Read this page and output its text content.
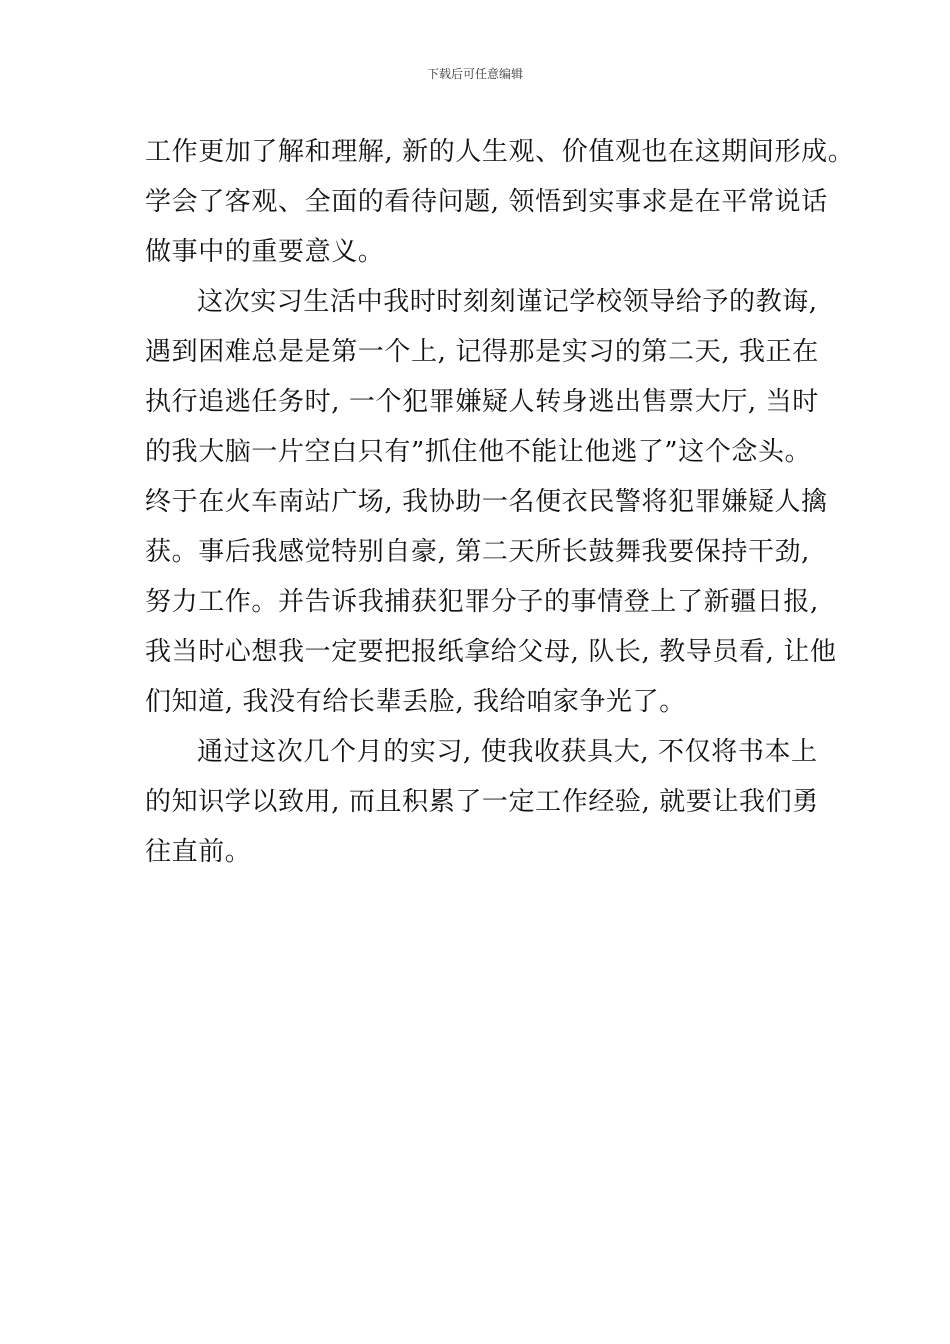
下载后可任意编辑
工作更加了解和理解, 新的人生观、价值观也在这期间形成。
学会了客观、全面的看待问题, 领悟到实事求是在平常说话
做事中的重要意义。
这次实习生活中我时时刻刻谨记学校领导给予的教诲,
遇到困难总是是第一个上, 记得那是实习的第二天, 我正在
执行追逃任务时, 一个犯罪嫌疑人转身逃出售票大厅, 当时
的我大脑一片空白只有”抓住他不能让他逃了”这个念头。
终于在火车南站广场, 我协助一名便衣民警将犯罪嫌疑人擒
获。事后我感觉特别自豪, 第二天所长鼓舞我要保持干劲,
努力工作。并告诉我捕获犯罪分子的事情登上了新疆日报,
我当时心想我一定要把报纸拿给父母, 队长, 教导员看, 让他
们知道, 我没有给长辈丢脸, 我给咱家争光了。
通过这次几个月的实习, 使我收获具大, 不仅将书本上
的知识学以致用, 而且积累了一定工作经验, 就要让我们勇
往直前。
